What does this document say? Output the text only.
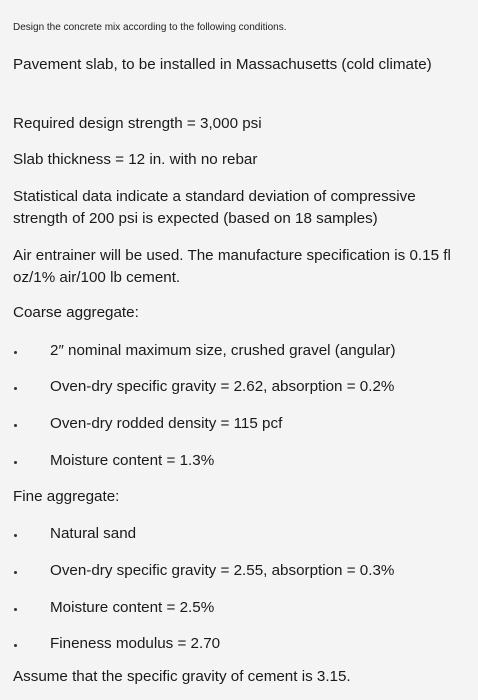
Design the concrete mix according to the following conditions.
Pavement slab, to be installed in Massachusetts (cold climate)
Required design strength = 3,000 psi
Slab thickness = 12 in. with no rebar
Statistical data indicate a standard deviation of compressive strength of 200 psi is expected (based on 18 samples)
Air entrainer will be used. The manufacture specification is 0.15 fl oz/1% air/100 lb cement.
Coarse aggregate:
2″ nominal maximum size, crushed gravel (angular)
Oven-dry specific gravity = 2.62, absorption = 0.2%
Oven-dry rodded density = 115 pcf
Moisture content = 1.3%
Fine aggregate:
Natural sand
Oven-dry specific gravity = 2.55, absorption = 0.3%
Moisture content = 2.5%
Fineness modulus = 2.70
Assume that the specific gravity of cement is 3.15.
